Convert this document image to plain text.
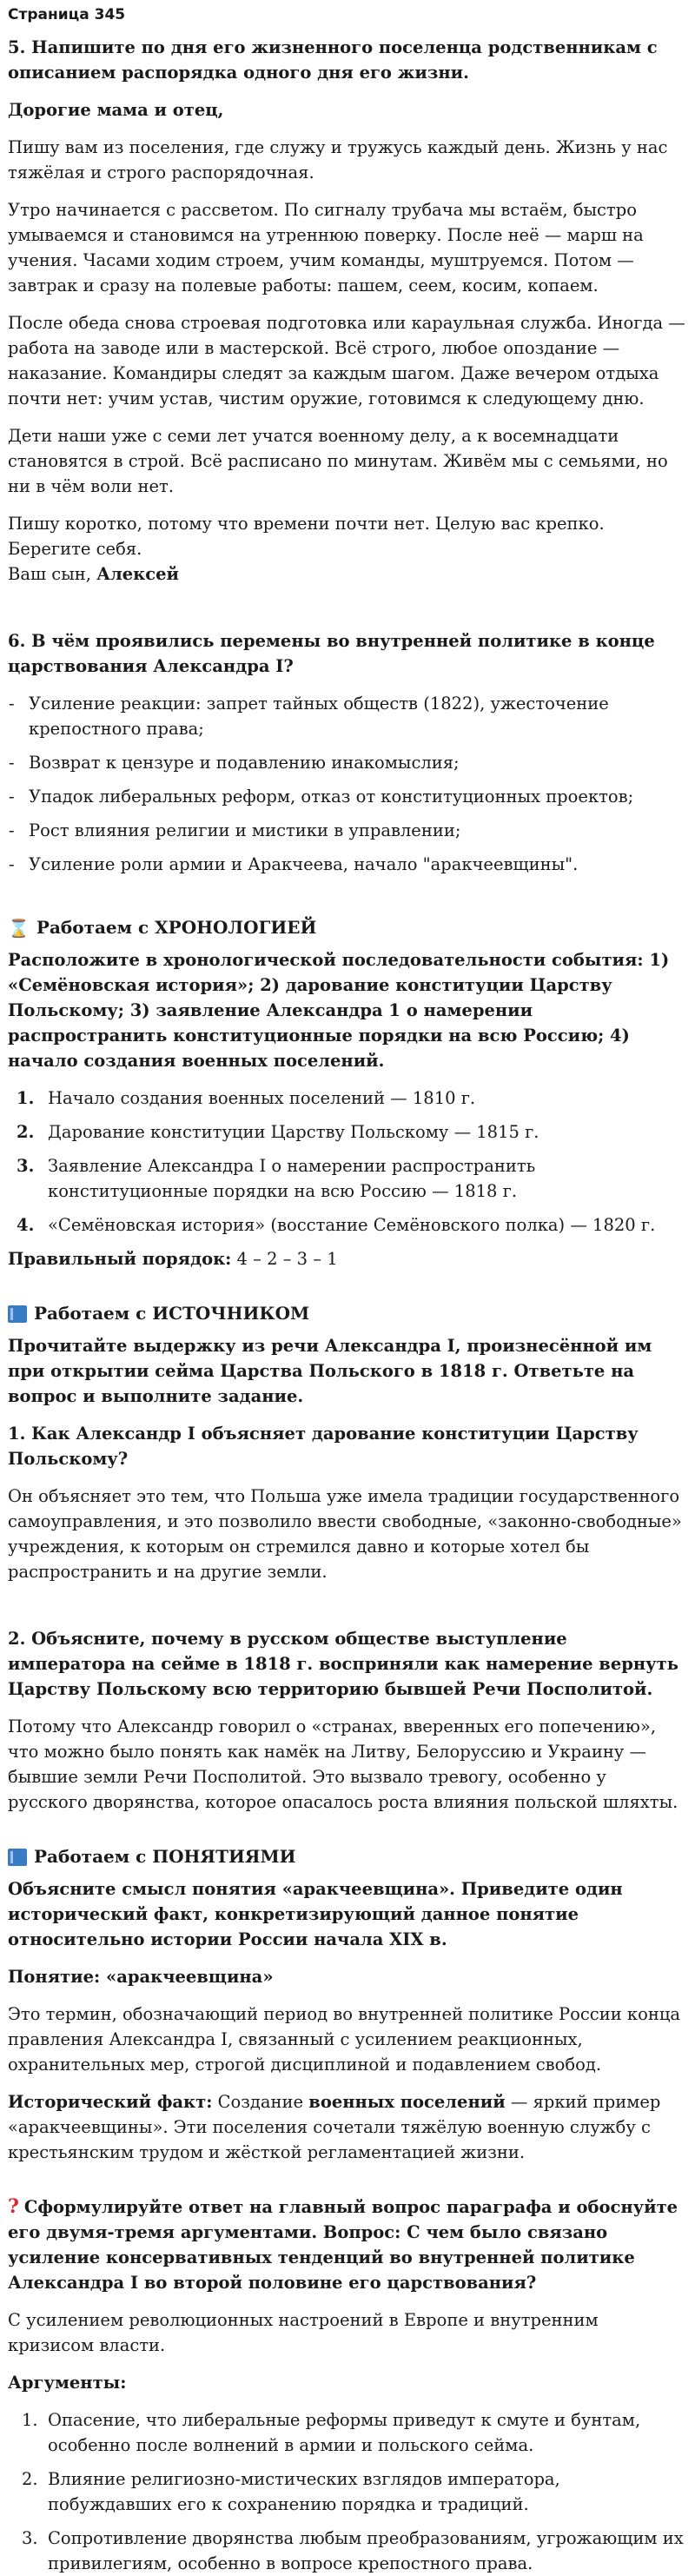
Страница 345

5. Напишите по дня его жизненного поселенца родственникам с описанием распорядка одного дня его жизни.

Дорогие мама и отец,

Пишу вам из поселения, где служу и тружусь каждый день. Жизнь у нас тяжёлая и строго распорядочная.

Утро начинается с рассветом. По сигналу трубача мы встаём, быстро умываемся и становимся на утреннюю поверку. После неё — марш на учения. Часами ходим строем, учим команды, муштруемся. Потом — завтрак и сразу на полевые работы: пашем, сеем, косим, копаем.

После обеда снова строевая подготовка или караульная служба. Иногда — работа на заводе или в мастерской. Всё строго, любое опоздание — наказание. Командиры следят за каждым шагом. Даже вечером отдыха почти нет: учим устав, чистим оружие, готовимся к следующему дню.

Дети наши уже с семи лет учатся военному делу, а к восемнадцати становятся в строй. Всё расписано по минутам. Живём мы с семьями, но ни в чём воли нет.

Пишу коротко, потому что времени почти нет. Целую вас крепко. Берегите себя.

Ваш сын, Алексей

6. В чём проявились перемены во внутренней политике в конце царствования Александра I?

- Усиление реакции: запрет тайных обществ (1822), ужесточение крепостного права;
- Возврат к цензуре и подавлению инакомыслия;
- Упадок либеральных реформ, отказ от конституционных проектов;
- Рост влияния религии и мистики в управлении;
- Усиление роли армии и Аракчеева, начало "аракчеевщины".
⌛ Работаем с ХРОНОЛОГИЕЙ

Расположите в хронологической последовательности события: 1) «Семёновская история»; 2) дарование конституции Царству Польскому; 3) заявление Александра 1 о намерении распространить конституционные порядки на всю Россию; 4) начало создания военных поселений.

1. Начало создания военных поселений — 1810 г.
2. Дарование конституции Царству Польскому — 1815 г.
3. Заявление Александра I о намерении распространить конституционные порядки на всю Россию — 1818 г.
4. «Семёновская история» (восстание Семёновского полка) — 1820 г.

Правильный порядок: 4 – 2 – 3 – 1

Работаем с ИСТОЧНИКОМ

Прочитайте выдержку из речи Александра I, произнесённой им при открытии сейма Царства Польского в 1818 г. Ответьте на вопрос и выполните задание.

1. Как Александр I объясняет дарование конституции Царству Польскому?

Он объясняет это тем, что Польша уже имела традиции государственного самоуправления, и это позволило ввести свободные, «законно-свободные» учреждения, к которым он стремился давно и которые хотел бы распространить и на другие земли.

2. Объясните, почему в русском обществе выступление императора на сейме в 1818 г. восприняли как намерение вернуть Царству Польскому всю территорию бывшей Речи Посполитой.

Потому что Александр говорил о «странах, вверенных его попечению», что можно было понять как намёк на Литву, Белоруссию и Украину — бывшие земли Речи Посполитой. Это вызвало тревогу, особенно у русского дворянства, которое опасалось роста влияния польской шляхты.

Работаем с ПОНЯТИЯМИ

Объясните смысл понятия «аракчеевщина». Приведите один исторический факт, конкретизирующий данное понятие относительно истории России начала XIX в.

Понятие: «аракчеевщина»

Это термин, обозначающий период во внутренней политике России конца правления Александра I, связанный с усилением реакционных, охранительных мер, строгой дисциплиной и подавлением свобод.

Исторический факт: Создание военных поселений — яркий пример «аракчеевщины». Эти поселения сочетали тяжёлую военную службу с крестьянским трудом и жёсткой регламентацией жизни.

? Сформулируйте ответ на главный вопрос параграфа и обоснуйте его двумя-тремя аргументами. Вопрос: С чем было связано усиление консервативных тенденций во внутренней политике Александра I во второй половине его царствования?

С усилением революционных настроений в Европе и внутренним кризисом власти.

Аргументы:

1. Опасение, что либеральные реформы приведут к смуте и бунтам, особенно после волнений в армии и польского сейма.
2. Влияние религиозно-мистических взглядов императора, побуждавших его к сохранению порядка и традиций.
3. Сопротивление дворянства любым преобразованиям, угрожающим их привилегиям, особенно в вопросе крепостного права.
